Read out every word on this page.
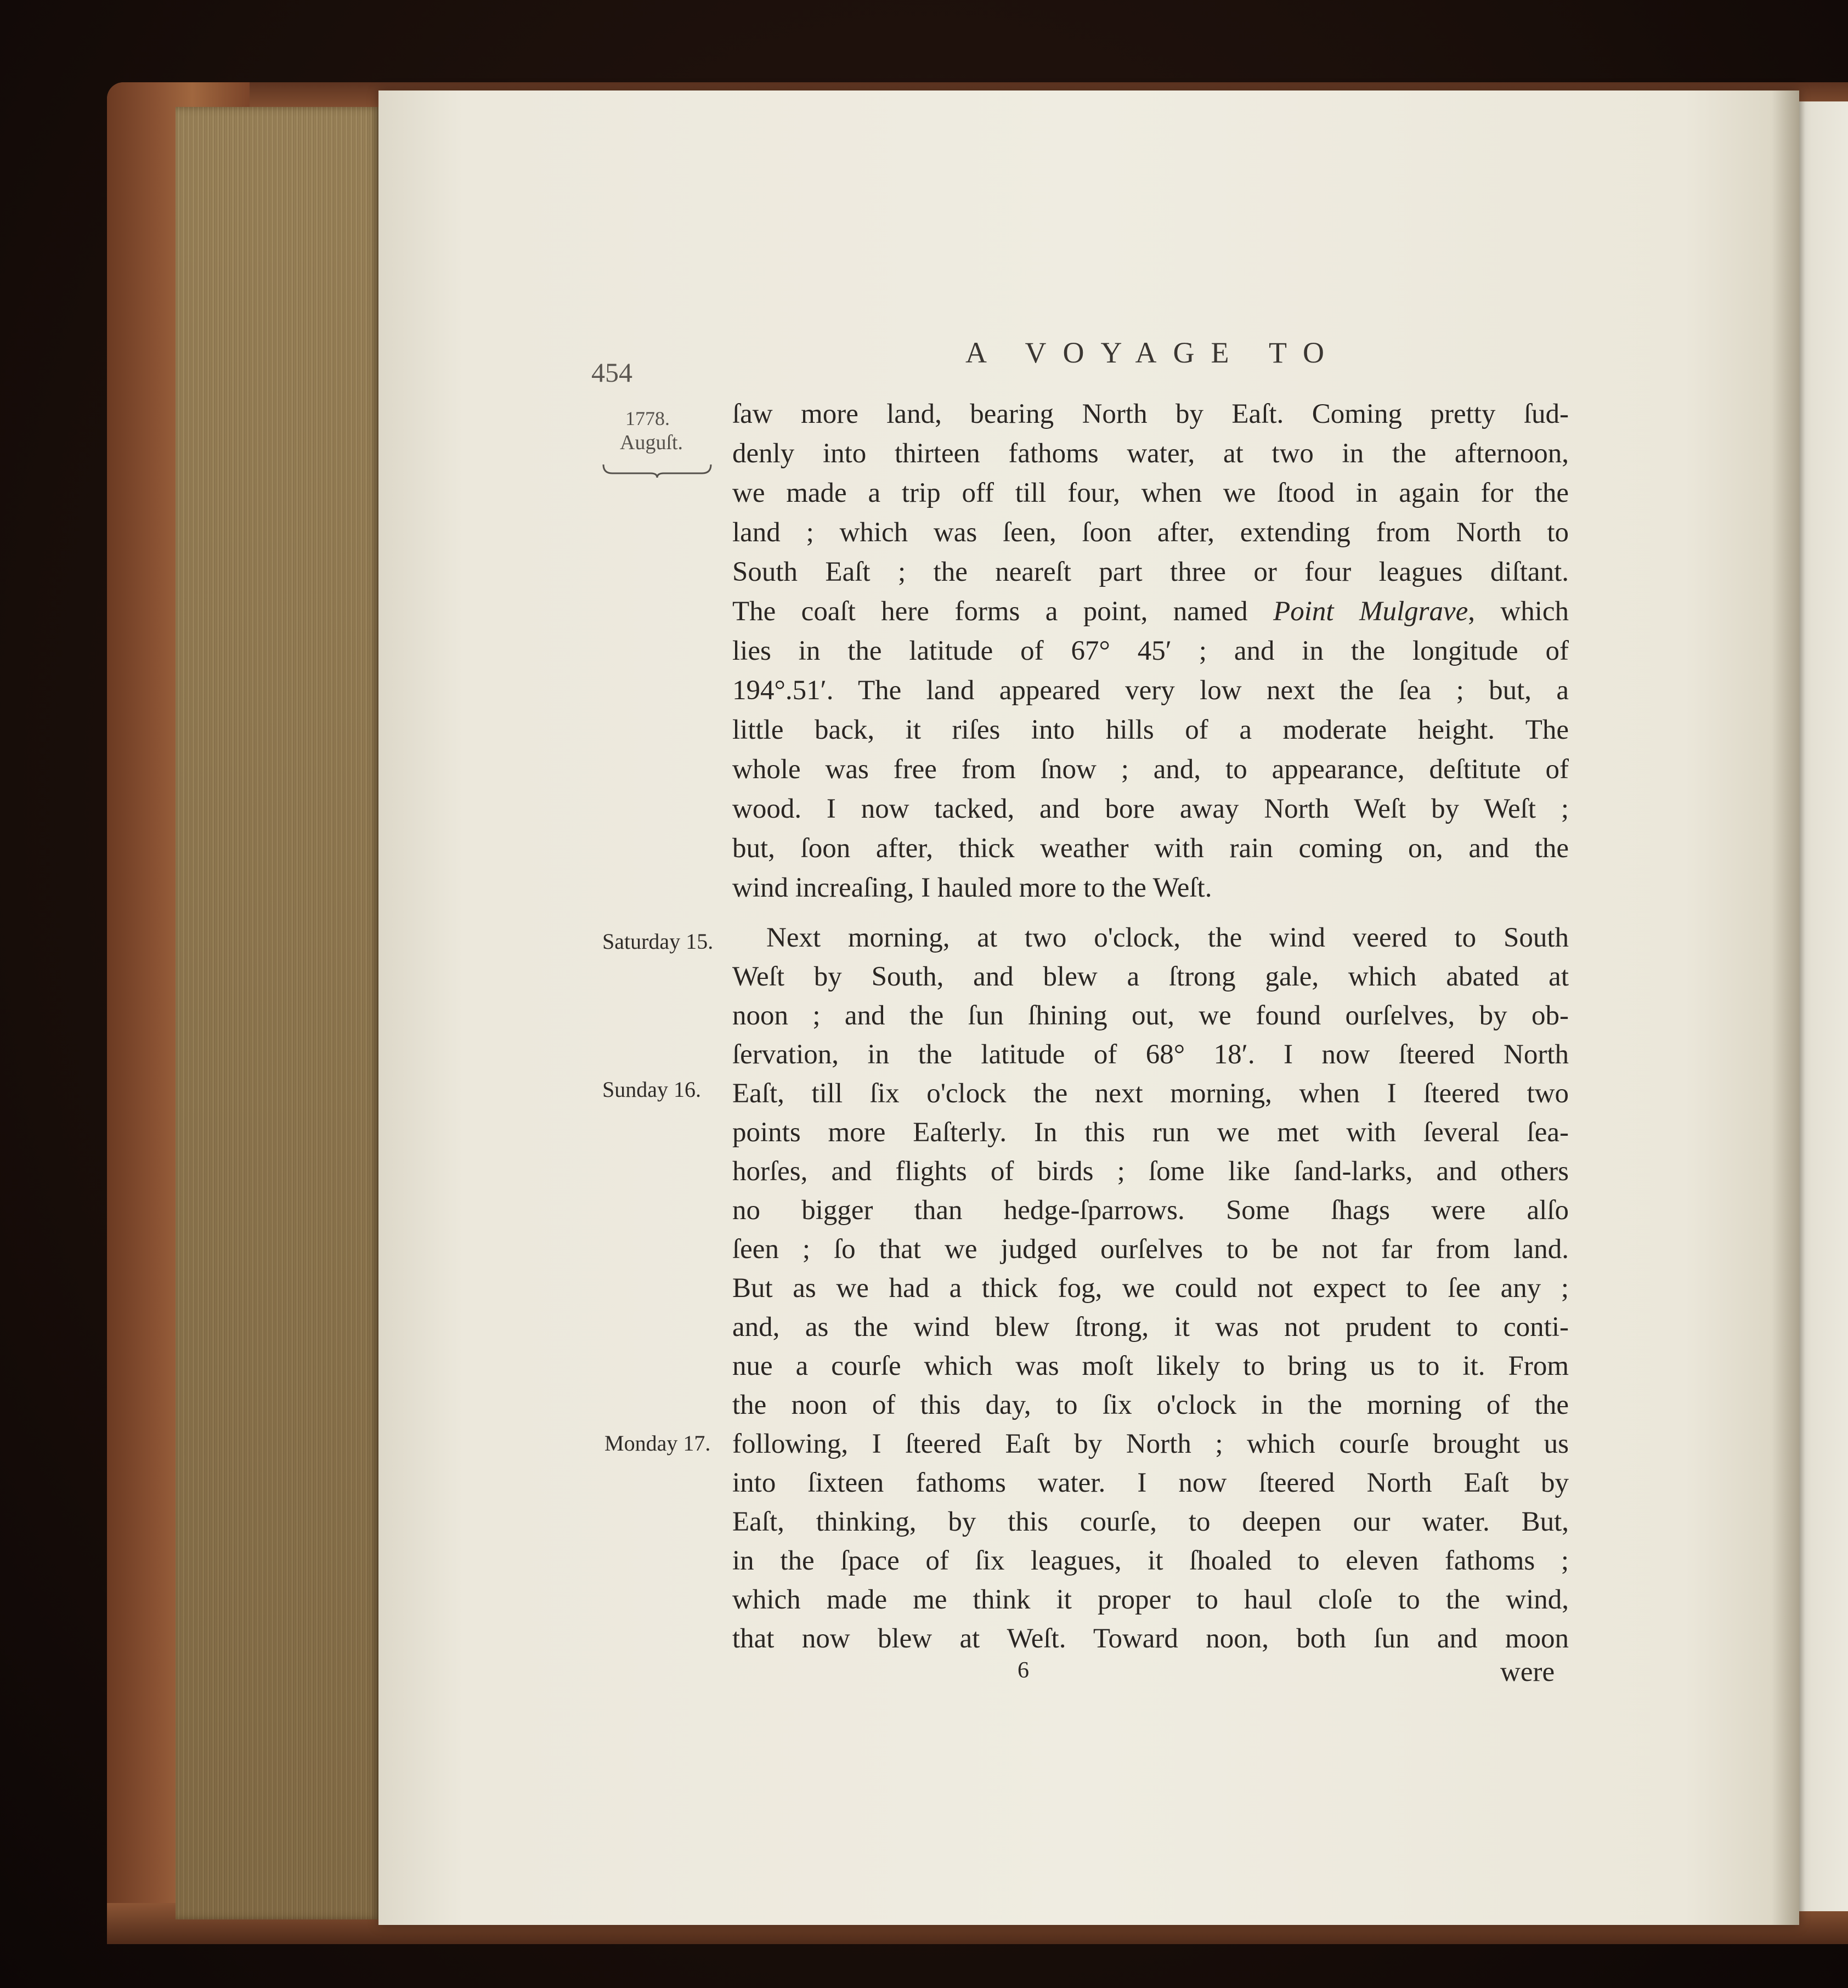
454
A VOYAGE TO
1778.
Auguſt.
Saturday 15.
Sunday 16.
Monday 17.
ſaw more land, bearing North by Eaſt. Coming pretty ſud-
denly into thirteen fathoms water, at two in the afternoon,
we made a trip off till four, when we ſtood in again for the
land ; which was ſeen, ſoon after, extending from North to
South Eaſt ; the neareſt part three or four leagues diſtant.
The coaſt here forms a point, named Point Mulgrave, which
lies in the latitude of 67° 45′ ; and in the longitude of
194°.51′. The land appeared very low next the ſea ; but, a
little back, it riſes into hills of a moderate height. The
whole was free from ſnow ; and, to appearance, deſtitute of
wood. I now tacked, and bore away North Weſt by Weſt ;
but, ſoon after, thick weather with rain coming on, and the
wind increaſing, I hauled more to the Weſt.
Next morning, at two o'clock, the wind veered to South
Weſt by South, and blew a ſtrong gale, which abated at
noon ; and the ſun ſhining out, we found ourſelves, by ob-
ſervation, in the latitude of 68° 18′. I now ſteered North
Eaſt, till ſix o'clock the next morning, when I ſteered two
points more Eaſterly. In this run we met with ſeveral ſea-
horſes, and flights of birds ; ſome like ſand-larks, and others
no bigger than hedge-ſparrows. Some ſhags were alſo
ſeen ; ſo that we judged ourſelves to be not far from land.
But as we had a thick fog, we could not expect to ſee any ;
and, as the wind blew ſtrong, it was not prudent to conti-
nue a courſe which was moſt likely to bring us to it. From
the noon of this day, to ſix o'clock in the morning of the
following, I ſteered Eaſt by North ; which courſe brought us
into ſixteen fathoms water. I now ſteered North Eaſt by
Eaſt, thinking, by this courſe, to deepen our water. But,
in the ſpace of ſix leagues, it ſhoaled to eleven fathoms ;
which made me think it proper to haul cloſe to the wind,
that now blew at Weſt. Toward noon, both ſun and moon
6	were
